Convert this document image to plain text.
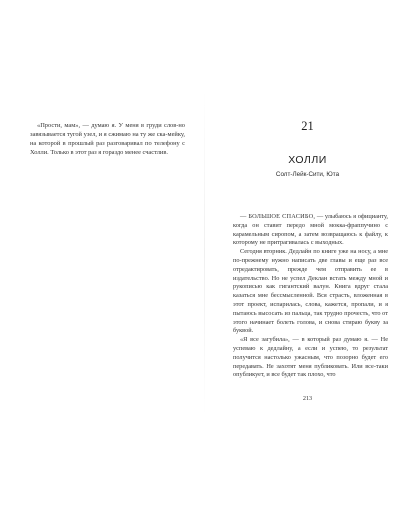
«Прости, мам», — думаю я. У меня в груди слов-но завязывается тугой узел, и я сжимаю на ту же ска-мейку, на которой в прошлый раз разговаривал по телефону с Холли. Только в этот раз я гораздо менее счастлив.

21
ХОЛЛИ
Солт-Лейк-Сити, Юта

— БОЛЬШОЕ СПАСИБО, — улыбаюсь я официанту, когда он ставит передо мной мокка-фраппучино с карамельным сиропом, а затем возвращаюсь к файлу, к которому не притрагивалась с выходных.

Сегодня вторник. Дедлайн по книге уже на носу, а мне по-прежнему нужно написать две главы и еще раз все отредактировать, прежде чем отправить ее в издательство. Но не успел Деклан встать между мной и рукописью как гигантский валун. Книга вдруг стала казаться мне бессмысленной. Вся страсть, вложенная в этот проект, испарилась, слова, кажется, пропали, и я пытаюсь высосать из пальца, так трудно прочесть, что от этого начинает болеть голова, и снова стираю букву за буквой.

«Я все загубила», — в который раз думаю я. — Не успеваю к дедлайну, а если и успею, то результат получится настолько ужасным, что позорно будет его передавать. Не захотят меня публиковать. Или все-таки опубликует, и все будет так плохо, что

213
